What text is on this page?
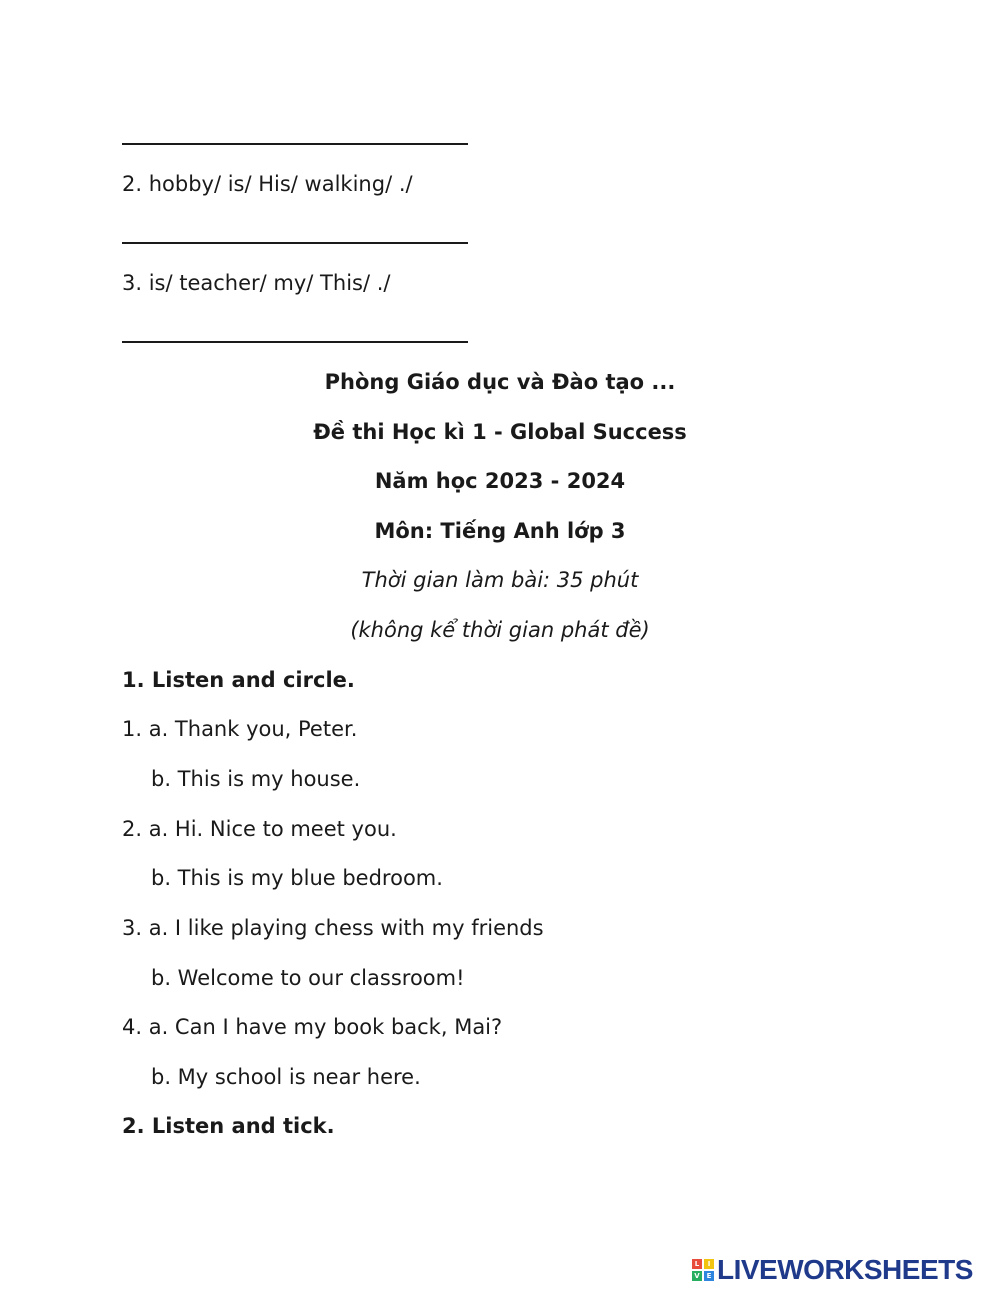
2. hobby/ is/ His/ walking/ ./
3. is/ teacher/ my/ This/ ./
Phòng Giáo dục và Đào tạo ...
Đề thi Học kì 1 - Global Success
Năm học 2023 - 2024
Môn: Tiếng Anh lớp 3
Thời gian làm bài: 35 phút
(không kể thời gian phát đề)
1. Listen and circle.
1. a. Thank you, Peter.
b. This is my house.
2. a. Hi. Nice to meet you.
b. This is my blue bedroom.
3. a. I like playing chess with my friends
b. Welcome to our classroom!
4. a. Can I have my book back, Mai?
b. My school is near here.
2. Listen and tick.
L	I
V E LIVEWORKSHEETS
